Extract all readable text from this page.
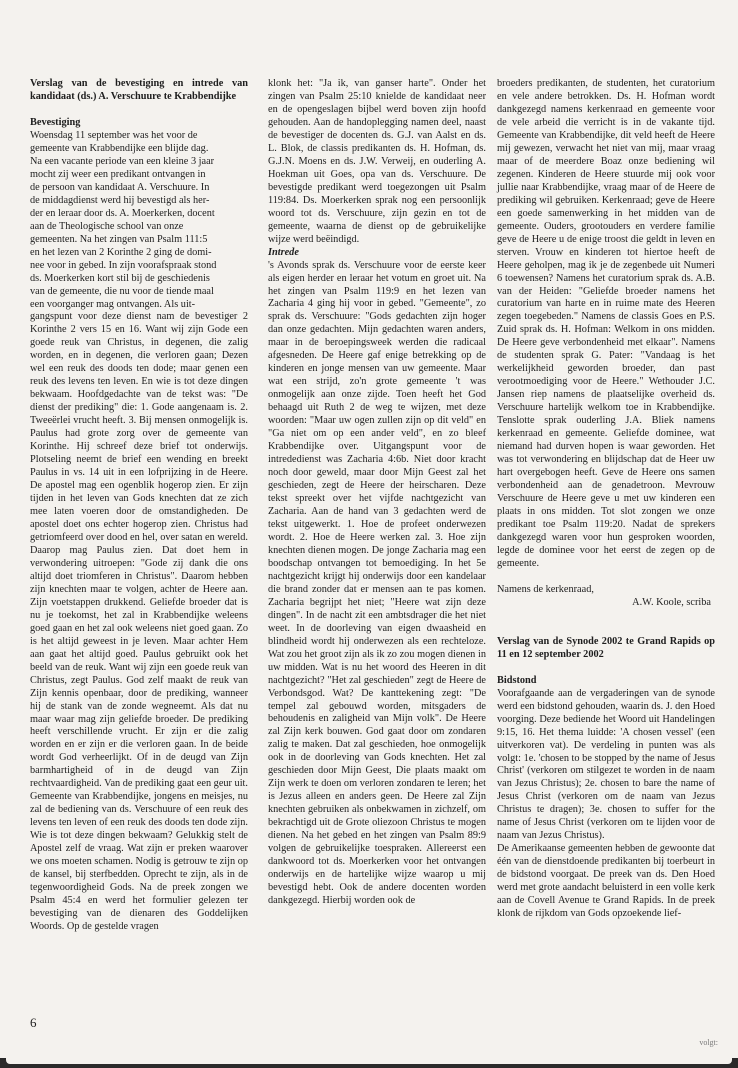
Verslag van de bevestiging en intrede van kandidaat (ds.) A. Verschuure te Krabbendijke

Bevestiging

Woensdag 11 september was het voor de

gemeente van Krabbendijke een blijde dag.

Na een vacante periode van een kleine 3 jaar

mocht zij weer een predikant ontvangen in

de persoon van kandidaat A. Verschuure. In

de middagdienst werd hij bevestigd als her-

der en leraar door ds. A. Moerkerken, docent

aan de Theologische school van onze

gemeenten. Na het zingen van Psalm 111:5

en het lezen van 2 Korinthe 2 ging de domi-

nee voor in gebed. In zijn voorafspraak stond

ds. Moerkerken kort stil bij de geschiedenis

van de gemeente, die nu voor de tiende maal

een voorganger mag ontvangen. Als uit-

gangspunt voor deze dienst nam de bevestiger 2 Korinthe 2 vers 15 en 16. Want wij zijn Gode een goede reuk van Christus, in degenen, die zalig worden, en in degenen, die verloren gaan; Dezen wel een reuk des doods ten dode; maar genen een reuk des levens ten leven. En wie is tot deze dingen bekwaam. Hoofdgedachte van de tekst was: "De dienst der prediking" die: 1. Gode aangenaam is. 2. Tweeërlei vrucht heeft. 3. Bij mensen onmogelijk is. Paulus had grote zorg over de gemeente van Korinthe. Hij schreef deze brief tot onderwijs. Plotseling neemt de brief een wending en breekt Paulus in vs. 14 uit in een lofprijzing in de Heere. De apostel mag een ogenblik hogerop zien. Er zijn tijden in het leven van Gods knechten dat ze zich mee laten voeren door de omstandigheden. De apostel doet ons echter hogerop zien. Christus had getriomfeerd over dood en hel, over satan en wereld. Daarop mag Paulus zien. Dat doet hem in verwondering uitroepen: "Gode zij dank die ons altijd doet triomferen in Christus". Daarom hebben zijn knechten maar te volgen, achter de Heere aan. Zijn voetstappen drukkend. Geliefde broeder dat is nu je toekomst, het zal in Krabbendijke weleens goed gaan en het zal ook weleens niet goed gaan. Zo is het altijd geweest in je leven. Maar achter Hem aan gaat het altijd goed. Paulus gebruikt ook het beeld van de reuk. Want wij zijn een goede reuk van Christus, zegt Paulus. God zelf maakt de reuk van Zijn kennis openbaar, door de prediking, wanneer hij de stank van de zonde wegneemt. Als dat nu maar waar mag zijn geliefde broeder. De prediking heeft verschillende vrucht. Er zijn er die zalig worden en er zijn er die verloren gaan. In de beide wordt God verheerlijkt. Of in de deugd van Zijn barmhartigheid of in de deugd van Zijn rechtvaardigheid. Van de prediking gaat een geur uit. Gemeente van Krabbendijke, jongens en meisjes, nu zal de bediening van ds. Verschuure of een reuk des levens ten leven of een reuk des doods ten dode zijn. Wie is tot deze dingen bekwaam? Gelukkig stelt de Apostel zelf de vraag. Wat zijn er preken waarover we ons moeten schamen. Nodig is getrouw te zijn op de kansel, bij sterfbedden. Oprecht te zijn, als in de tegenwoordigheid Gods. Na de preek zongen we Psalm 45:4 en werd het formulier gelezen ter bevestiging van de dienaren des Goddelijken Woords. Op de gestelde vragen

klonk het: "Ja ik, van ganser harte". Onder het zingen van Psalm 25:10 knielde de kandidaat neer en de opengeslagen bijbel werd boven zijn hoofd gehouden. Aan de handoplegging namen deel, naast de bevestiger de docenten ds. G.J. van Aalst en ds. L. Blok, de classis predikanten ds. H. Hofman, ds. G.J.N. Moens en ds. J.W. Verweij, en ouderling A. Hoekman uit Goes, opa van ds. Verschuure. De bevestigde predikant werd toegezongen uit Psalm 119:84. Ds. Moerkerken sprak nog een persoonlijk woord tot ds. Verschuure, zijn gezin en tot de gemeente, waarna de dienst op de gebruikelijke wijze werd beëindigd.

Intrede

's Avonds sprak ds. Verschuure voor de eerste keer als eigen herder en leraar het votum en groet uit. Na het zingen van Psalm 119:9 en het lezen van Zacharia 4 ging hij voor in gebed. "Gemeente", zo sprak ds. Verschuure: "Gods gedachten zijn hoger dan onze gedachten. Mijn gedachten waren anders, maar in de beroepingsweek werden die radicaal afgesneden. De Heere gaf enige betrekking op de kinderen en jonge mensen van uw gemeente. Maar wat een strijd, zo'n grote gemeente 't was onmogelijk aan onze zijde. Toen heeft het God behaagd uit Ruth 2 de weg te wijzen, met deze woorden: "Maar uw ogen zullen zijn op dit veld" en "Ga niet om op een ander veld", en zo bleef Krabbendijke over. Uitgangspunt voor de intrededienst was Zacharia 4:6b. Niet door kracht noch door geweld, maar door Mijn Geest zal het geschieden, zegt de Heere der heirscharen. Deze tekst spreekt over het vijfde nachtgezicht van Zacharia. Aan de hand van 3 gedachten werd de tekst uitgewerkt. 1. Hoe de profeet onderwezen wordt. 2. Hoe de Heere werken zal. 3. Hoe zijn knechten dienen mogen. De jonge Zacharia mag een boodschap ontvangen tot bemoediging. In het 5e nachtgezicht krijgt hij onderwijs door een kandelaar die brand zonder dat er mensen aan te pas komen. Zacharia begrijpt het niet; "Heere wat zijn deze dingen". In de nacht zit een ambtsdrager die het niet weet. In de doorleving van eigen dwaasheid en blindheid wordt hij onderwezen als een rechteloze. Wat zou het groot zijn als ik zo zou mogen dienen in uw midden. Wat is nu het woord des Heeren in dit nachtgezicht? "Het zal geschieden" zegt de Heere de Verbondsgod. Wat? De kanttekening zegt: "De tempel zal gebouwd worden, mitsgaders de behoudenis en zaligheid van Mijn volk". De Heere zal Zijn kerk bouwen. God gaat door om zondaren zalig te maken. Dat zal geschieden, hoe onmogelijk ook in de doorleving van Gods knechten. Het zal geschieden door Mijn Geest, Die plaats maakt om Zijn werk te doen om verloren zondaren te leren; het is Jezus alleen en anders geen. De Heere zal Zijn knechten gebruiken als onbekwamen in zichzelf, om bekrachtigd uit de Grote oliezoon Christus te mogen dienen. Na het gebed en het zingen van Psalm 89:9 volgen de gebruikelijke toespraken. Allereerst een dankwoord tot ds. Moerkerken voor het ontvangen onderwijs en de hartelijke wijze waarop u mij bevestigd hebt. Ook de andere docenten worden dankgezegd. Hierbij worden ook de

broeders predikanten, de studenten, het curatorium en vele andere betrokken. Ds. H. Hofman wordt dankgezegd namens kerkenraad en gemeente voor de vele arbeid die verricht is in de vakante tijd. Gemeente van Krabbendijke, dit veld heeft de Heere mij gewezen, verwacht het niet van mij, maar vraag maar of de meerdere Boaz onze bediening wil zegenen. Kinderen de Heere stuurde mij ook voor jullie naar Krabbendijke, vraag maar of de Heere de prediking wil gebruiken. Kerkenraad; geve de Heere een goede samenwerking in het midden van de gemeente. Ouders, grootouders en verdere familie geve de Heere u de enige troost die geldt in leven en sterven. Vrouw en kinderen tot hiertoe heeft de Heere geholpen, mag ik je de zegenbede uit Numeri 6 toewensen? Namens het curatorium sprak ds. A.B. van der Heiden: "Geliefde broeder namens het curatorium van harte en in ruime mate des Heeren zegen toegebeden." Namens de classis Goes en P.S. Zuid sprak ds. H. Hofman: Welkom in ons midden. De Heere geve verbondenheid met elkaar". Namens de studenten sprak G. Pater: "Vandaag is het werkelijkheid geworden broeder, dan past verootmoediging voor de Heere." Wethouder J.C. Jansen riep namens de plaatselijke overheid ds. Verschuure hartelijk welkom toe in Krabbendijke. Tenslotte sprak ouderling J.A. Bliek namens kerkenraad en gemeente. Geliefde dominee, wat niemand had durven hopen is waar geworden. Het was tot verwondering en blijdschap dat de Heer uw hart overgebogen heeft. Geve de Heere ons samen verbondenheid aan de genadetroon. Mevrouw Verschuure de Heere geve u met uw kinderen een plaats in ons midden. Tot slot zongen we onze predikant toe Psalm 119:20. Nadat de sprekers dankgezegd waren voor hun gesproken woorden, legde de dominee voor het eerst de zegen op de gemeente.

Namens de kerkenraad,

A.W. Koole, scriba

Verslag van de Synode 2002 te Grand Rapids op 11 en 12 september 2002

Bidstond

Voorafgaande aan de vergaderingen van de synode werd een bidstond gehouden, waarin ds. J. den Hoed voorging. Deze bediende het Woord uit Handelingen 9:15, 16. Het thema luidde: 'A chosen vessel' (een uitverkoren vat). De verdeling in punten was als volgt: 1e. 'chosen to be stopped by the name of Jesus Christ' (verkoren om stilgezet te worden in de naam van Jezus Christus); 2e. chosen to bare the name of Jesus Christ (verkoren om de naam van Jezus Christus te dragen); 3e. chosen to suffer for the name of Jesus Christ (verkoren om te lijden voor de naam van Jezus Christus).

De Amerikaanse gemeenten hebben de gewoonte dat één van de dienstdoende predikanten bij toerbeurt in de bidstond voorgaat. De preek van ds. Den Hoed werd met grote aandacht beluisterd in een volle kerk aan de Covell Avenue te Grand Rapids. In de preek klonk de rijkdom van Gods opzoekende lief-

6
volgt:
